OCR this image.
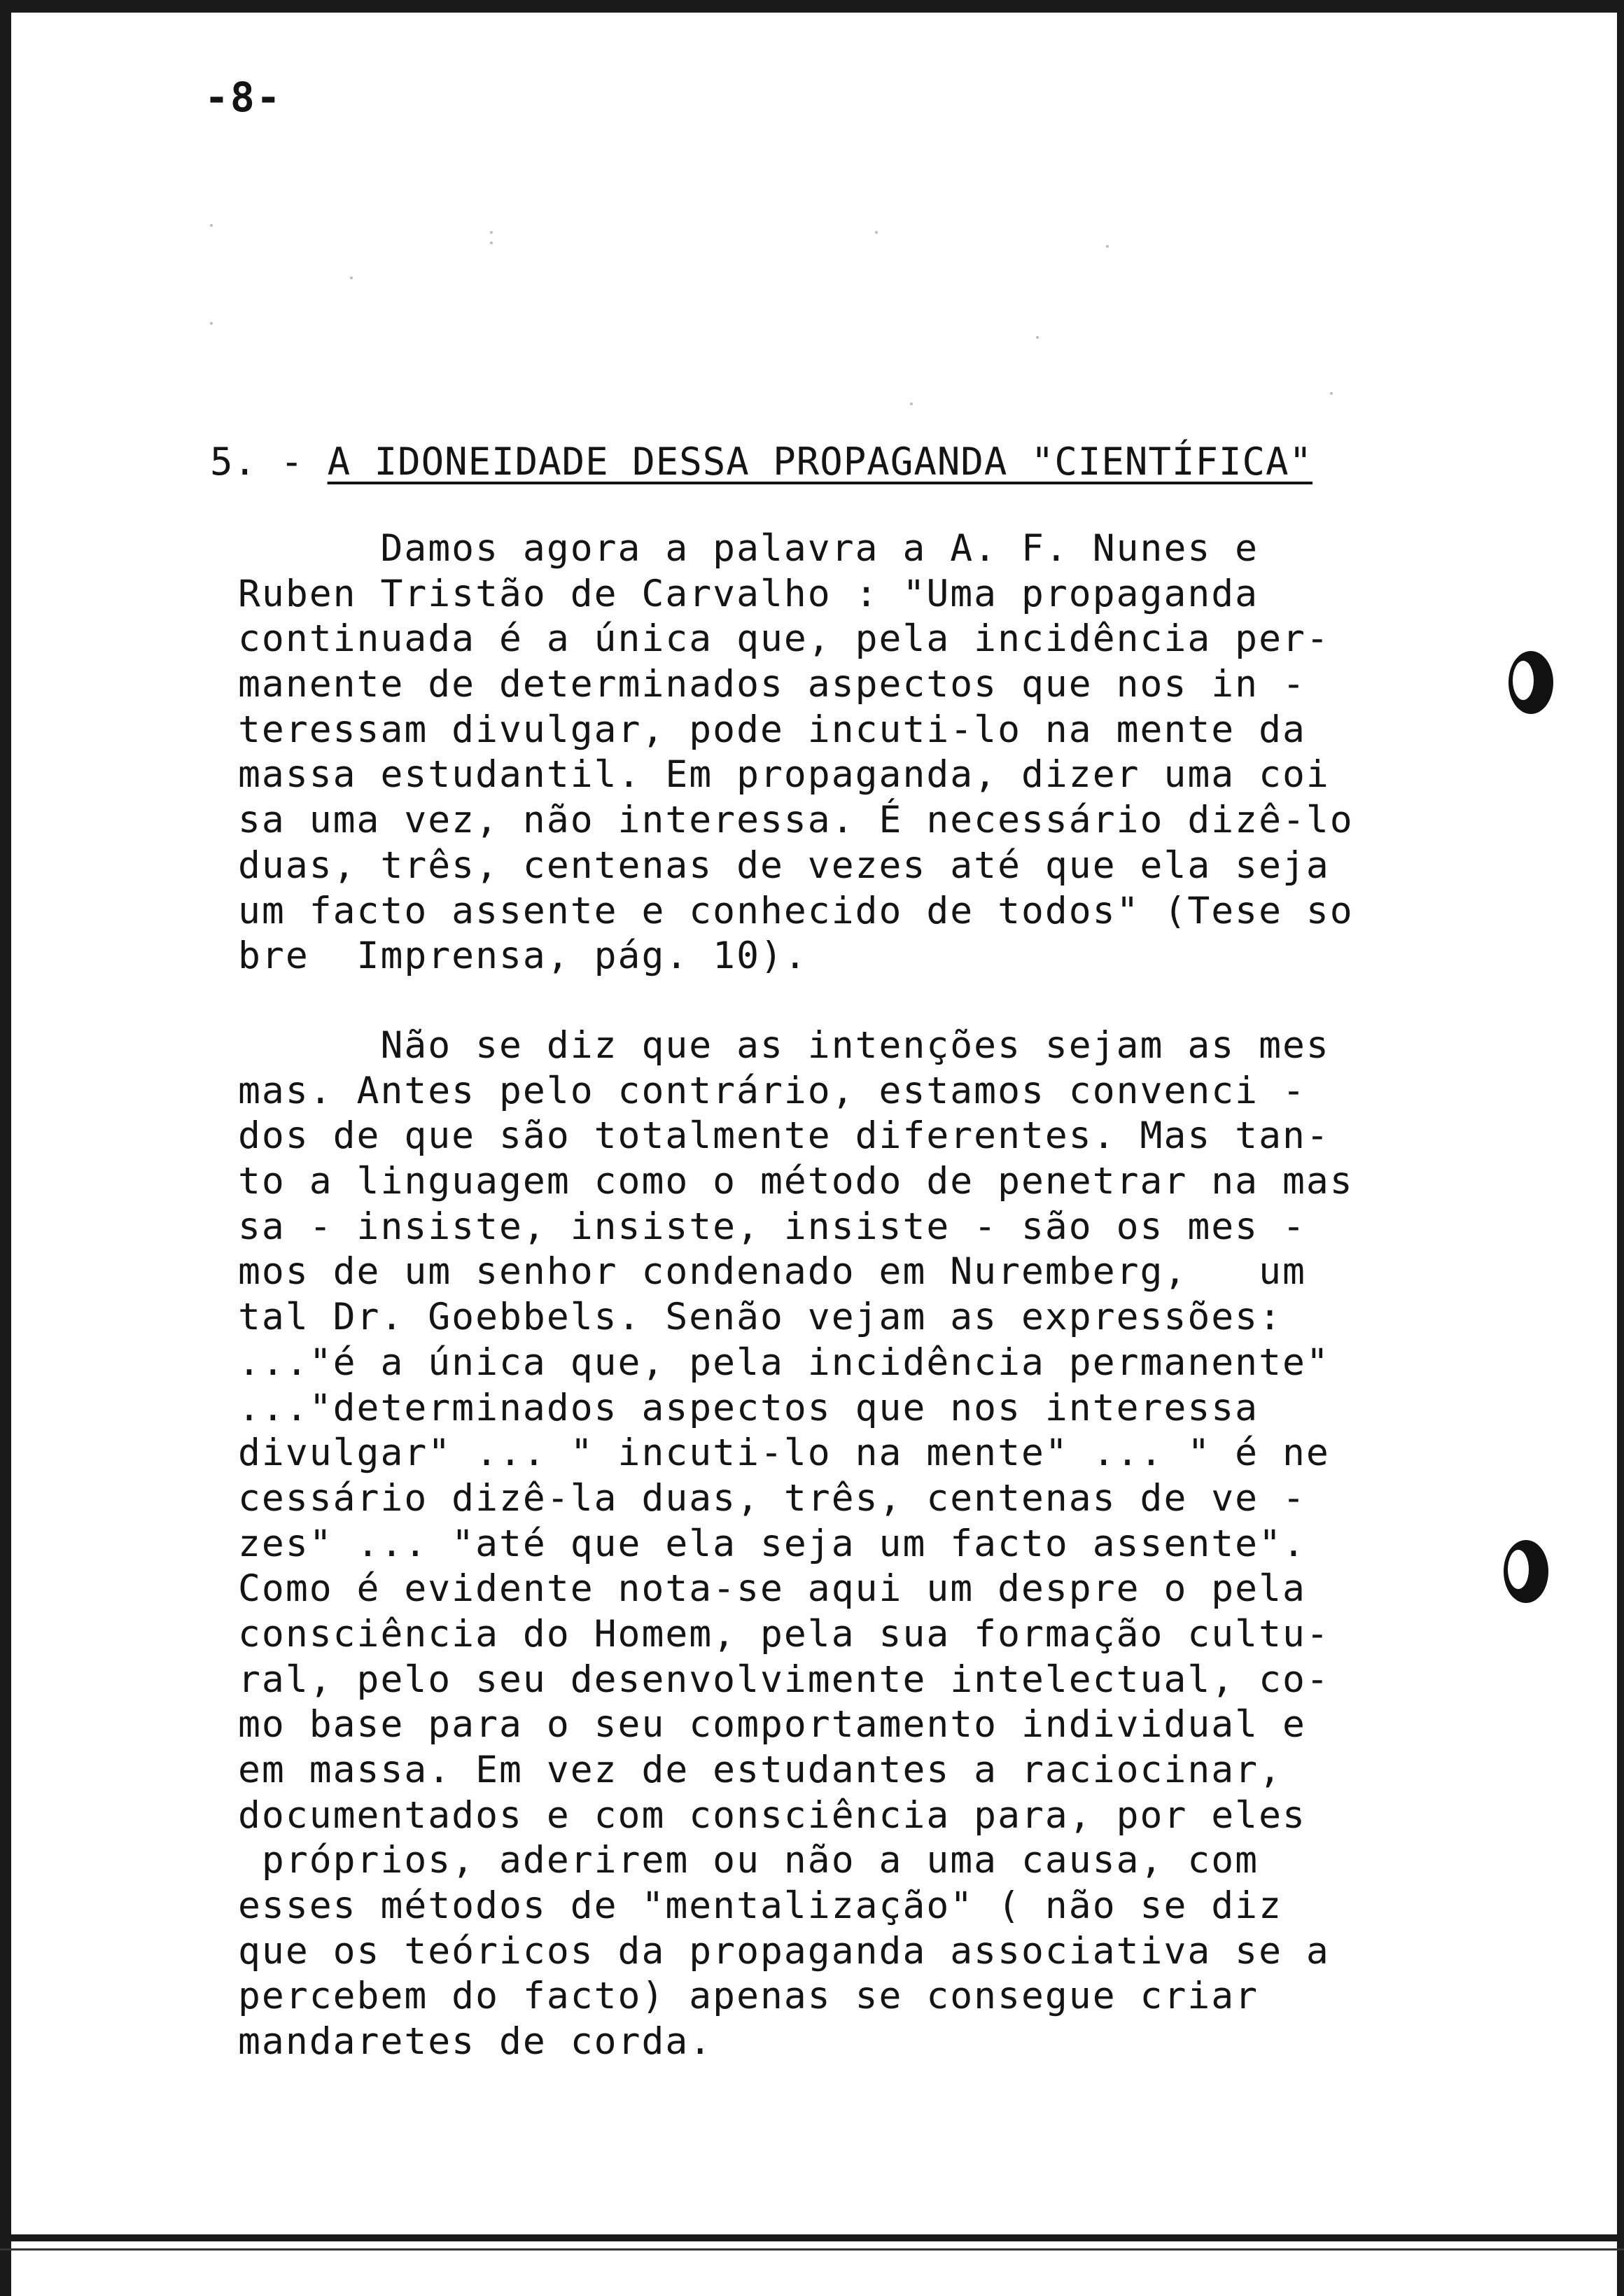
-8-
5. - A IDONEIDADE DESSA PROPAGANDA "CIENTÍFICA"
Damos agora a palavra a A. F. Nunes e
Ruben Tristão de Carvalho : "Uma propaganda
continuada é a única que, pela incidência per-
manente de determinados aspectos que nos in -
teressam divulgar, pode incuti-lo na mente da
massa estudantil. Em propaganda, dizer uma coi
sa uma vez, não interessa. É necessário dizê-lo
duas, três, centenas de vezes até que ela seja
um facto assente e conhecido de todos" (Tese so
bre  Imprensa, pág. 10).
Não se diz que as intenções sejam as mes
mas. Antes pelo contrário, estamos convenci -
dos de que são totalmente diferentes. Mas tan-
to a linguagem como o método de penetrar na mas
sa - insiste, insiste, insiste - são os mes -
mos de um senhor condenado em Nuremberg,   um
tal Dr. Goebbels. Senão vejam as expressões:
..."é a única que, pela incidência permanente"
..."determinados aspectos que nos interessa
divulgar" ... " incuti-lo na mente" ... " é ne
cessário dizê-la duas, três, centenas de ve -
zes" ... "até que ela seja um facto assente".
Como é evidente nota-se aqui um despre o pela
consciência do Homem, pela sua formação cultu-
ral, pelo seu desenvolvimente intelectual, co-
mo base para o seu comportamento individual e
em massa. Em vez de estudantes a raciocinar,
documentados e com consciência para, por eles
próprios, aderirem ou não a uma causa, com
esses métodos de "mentalização" ( não se diz
que os teóricos da propaganda associativa se a
percebem do facto) apenas se consegue criar
mandaretes de corda.
